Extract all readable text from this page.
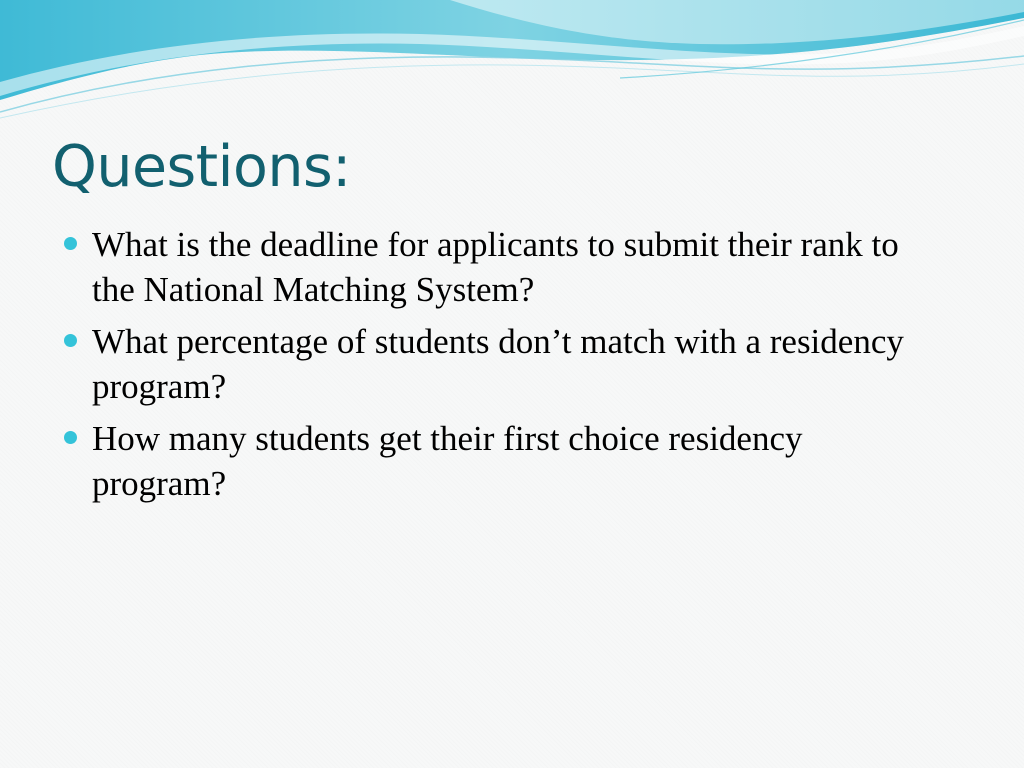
Questions:
What is the deadline for applicants to submit their rank to the National Matching System?
What percentage of students don’t match with a residency program?
How many students get their first choice residency program?
